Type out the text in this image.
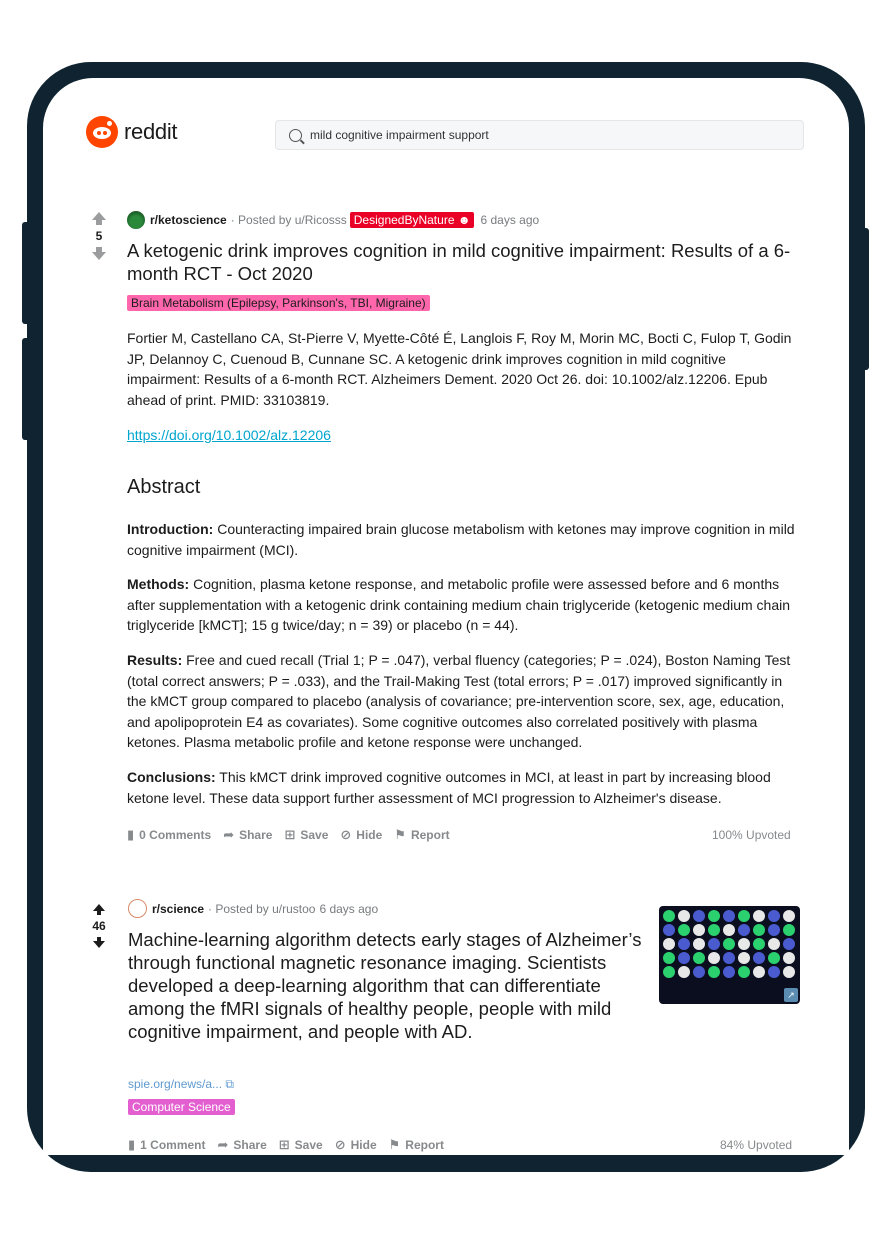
reddit	mild cognitive impairment support
5
r/ketoscience · Posted by u/Ricosss DesignedByNature ☻ 6 days ago
A ketogenic drink improves cognition in mild cognitive impairment: Results of a 6-month RCT - Oct 2020
Brain Metabolism (Epilepsy, Parkinson's, TBI, Migraine)

Fortier M, Castellano CA, St-Pierre V, Myette-Côté É, Langlois F, Roy M, Morin MC, Bocti C, Fulop T, Godin JP, Delannoy C, Cuenoud B, Cunnane SC. A ketogenic drink improves cognition in mild cognitive impairment: Results of a 6-month RCT. Alzheimers Dement. 2020 Oct 26. doi: 10.1002/alz.12206. Epub ahead of print. PMID: 33103819.

https://doi.org/10.1002/alz.12206
Abstract

Introduction: Counteracting impaired brain glucose metabolism with ketones may improve cognition in mild cognitive impairment (MCI).

Methods: Cognition, plasma ketone response, and metabolic profile were assessed before and 6 months after supplementation with a ketogenic drink containing medium chain triglyceride (ketogenic medium chain triglyceride [kMCT]; 15 g twice/day; n = 39) or placebo (n = 44).

Results: Free and cued recall (Trial 1; P = .047), verbal fluency (categories; P = .024), Boston Naming Test (total correct answers; P = .033), and the Trail-Making Test (total errors; P = .017) improved significantly in the kMCT group compared to placebo (analysis of covariance; pre-intervention score, sex, age, education, and apolipoprotein E4 as covariates). Some cognitive outcomes also correlated positively with plasma ketones. Plasma metabolic profile and ketone response were unchanged.

Conclusions: This kMCT drink improved cognitive outcomes in MCI, at least in part by increasing blood ketone level. These data support further assessment of MCI progression to Alzheimer's disease.

▮ 0 Comments ➦ Share ⊞ Save ⊘ Hide ⚑ Report	100% Upvoted
46
r/science · Posted by u/rustoo 6 days ago
Machine-learning algorithm detects early stages of Alzheimer’s through functional magnetic resonance imaging. Scientists developed a deep-learning algorithm that can differentiate among the fMRI signals of healthy people, people with mild cognitive impairment, and people with AD.
↗
spie.org/news/a... ⧉
Computer Science
▮ 1 Comment ➦ Share ⊞ Save ⊘ Hide ⚑ Report	84% Upvoted
